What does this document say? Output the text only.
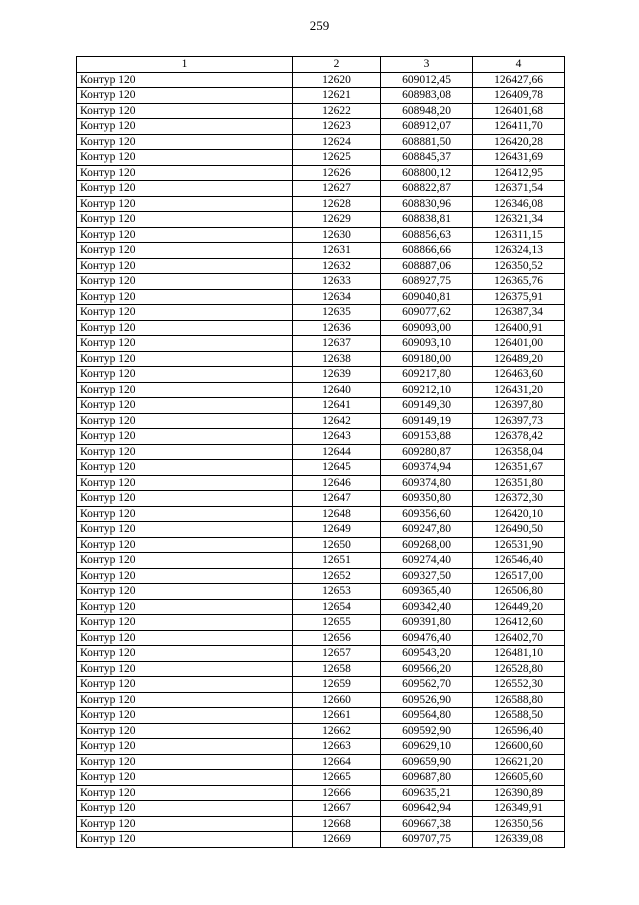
259
1	2	3	4
Контур 120	12620	609012,45	126427,66
Контур 120	12621	608983,08	126409,78
Контур 120	12622	608948,20	126401,68
Контур 120	12623	608912,07	126411,70
Контур 120	12624	608881,50	126420,28
Контур 120	12625	608845,37	126431,69
Контур 120	12626	608800,12	126412,95
Контур 120	12627	608822,87	126371,54
Контур 120	12628	608830,96	126346,08
Контур 120	12629	608838,81	126321,34
Контур 120	12630	608856,63	126311,15
Контур 120	12631	608866,66	126324,13
Контур 120	12632	608887,06	126350,52
Контур 120	12633	608927,75	126365,76
Контур 120	12634	609040,81	126375,91
Контур 120	12635	609077,62	126387,34
Контур 120	12636	609093,00	126400,91
Контур 120	12637	609093,10	126401,00
Контур 120	12638	609180,00	126489,20
Контур 120	12639	609217,80	126463,60
Контур 120	12640	609212,10	126431,20
Контур 120	12641	609149,30	126397,80
Контур 120	12642	609149,19	126397,73
Контур 120	12643	609153,88	126378,42
Контур 120	12644	609280,87	126358,04
Контур 120	12645	609374,94	126351,67
Контур 120	12646	609374,80	126351,80
Контур 120	12647	609350,80	126372,30
Контур 120	12648	609356,60	126420,10
Контур 120	12649	609247,80	126490,50
Контур 120	12650	609268,00	126531,90
Контур 120	12651	609274,40	126546,40
Контур 120	12652	609327,50	126517,00
Контур 120	12653	609365,40	126506,80
Контур 120	12654	609342,40	126449,20
Контур 120	12655	609391,80	126412,60
Контур 120	12656	609476,40	126402,70
Контур 120	12657	609543,20	126481,10
Контур 120	12658	609566,20	126528,80
Контур 120	12659	609562,70	126552,30
Контур 120	12660	609526,90	126588,80
Контур 120	12661	609564,80	126588,50
Контур 120	12662	609592,90	126596,40
Контур 120	12663	609629,10	126600,60
Контур 120	12664	609659,90	126621,20
Контур 120	12665	609687,80	126605,60
Контур 120	12666	609635,21	126390,89
Контур 120	12667	609642,94	126349,91
Контур 120	12668	609667,38	126350,56
Контур 120	12669	609707,75	126339,08
